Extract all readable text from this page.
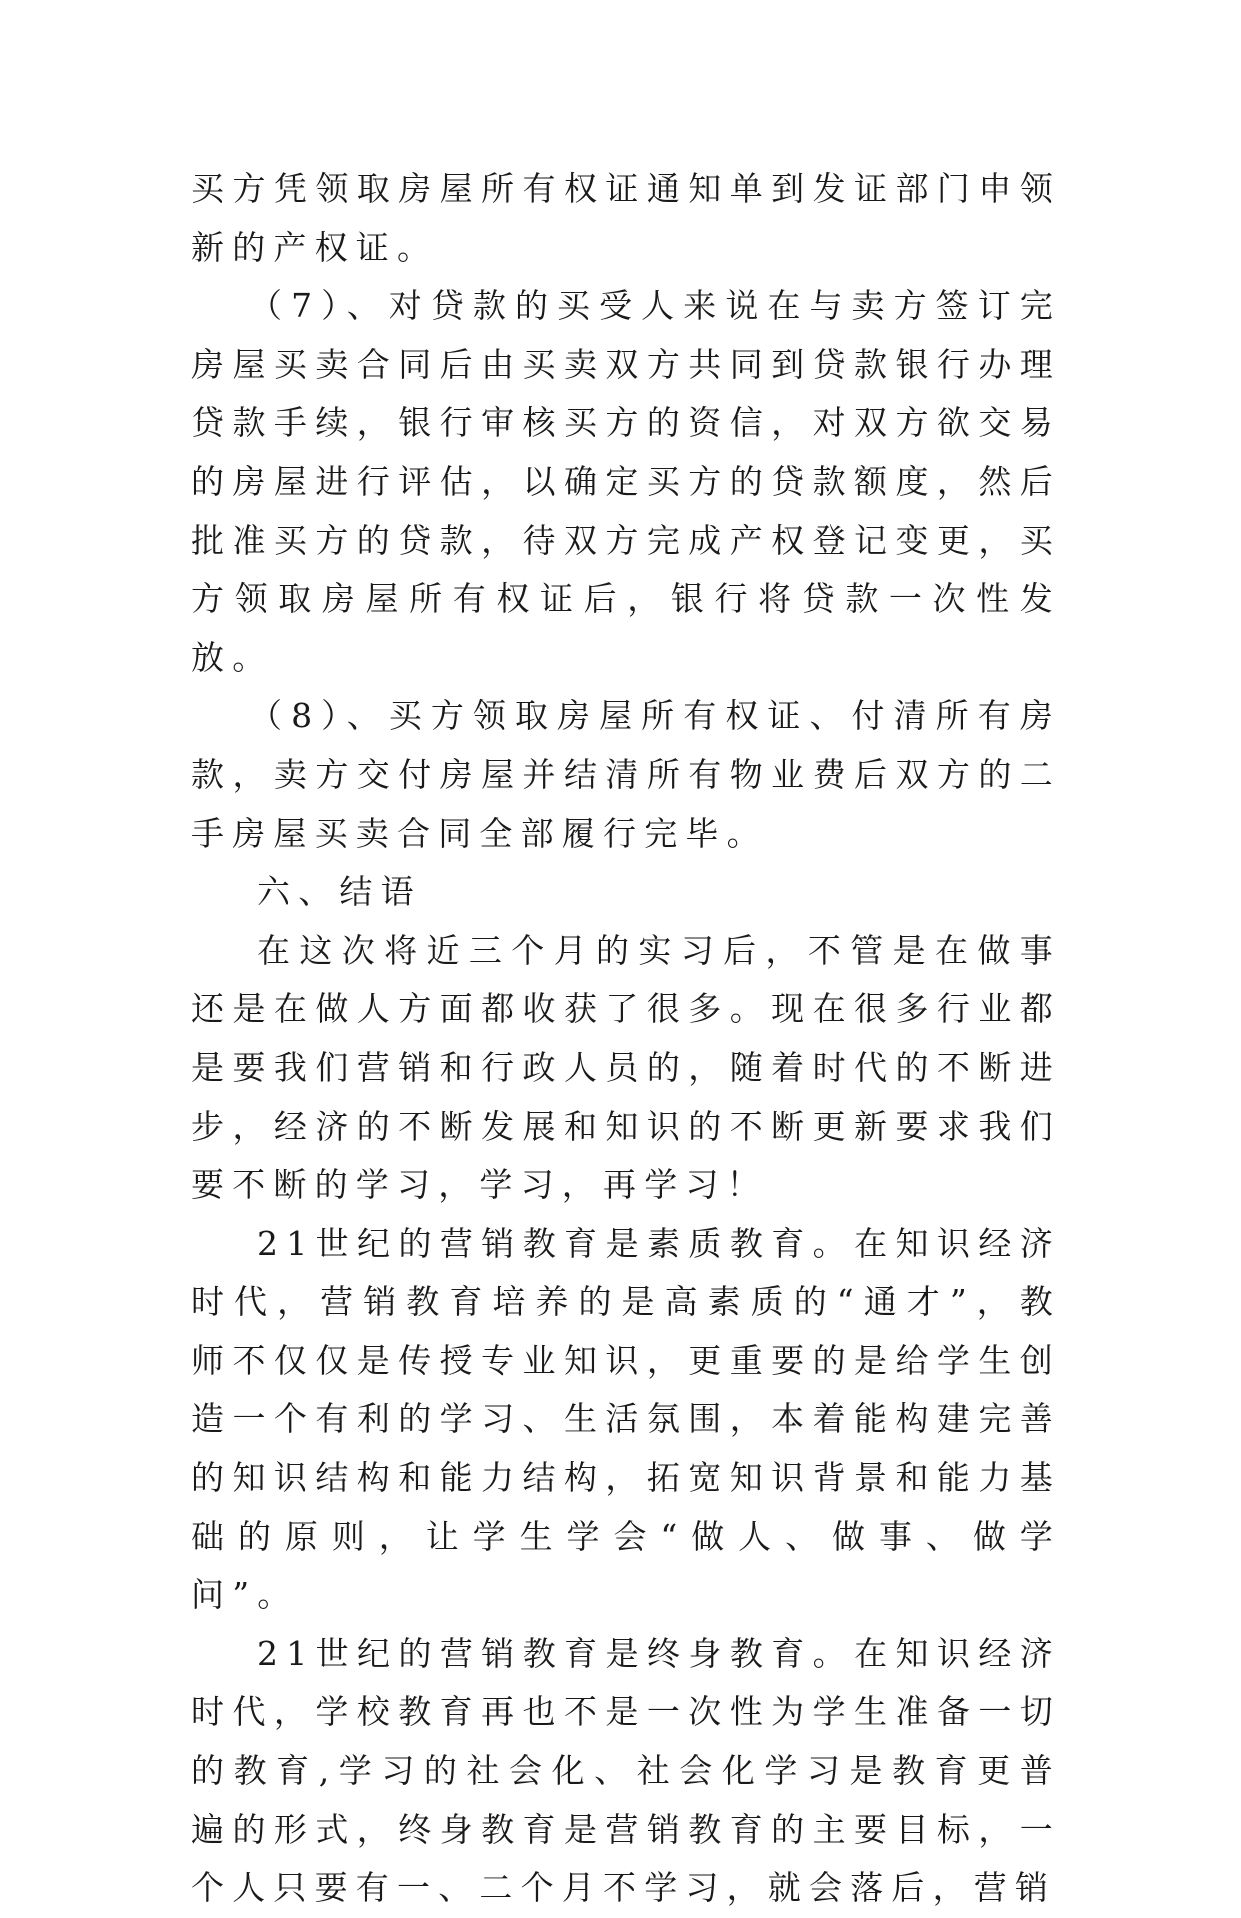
买方凭领取房屋所有权证通知单到发证部门申领新的产权证。

（7）、对贷款的买受人来说在与卖方签订完房屋买卖合同后由买卖双方共同到贷款银行办理贷款手续，银行审核买方的资信，对双方欲交易的房屋进行评估，以确定买方的贷款额度，然后批准买方的贷款，待双方完成产权登记变更，买方领取房屋所有权证后，银行将贷款一次性发放。

（8）、买方领取房屋所有权证、付清所有房款，卖方交付房屋并结清所有物业费后双方的二手房屋买卖合同全部履行完毕。

六、结语

在这次将近三个月的实习后，不管是在做事还是在做人方面都收获了很多。现在很多行业都是要我们营销和行政人员的，随着时代的不断进步，经济的不断发展和知识的不断更新要求我们要不断的学习，学习，再学习！

21世纪的营销教育是素质教育。在知识经济时代，营销教育培养的是高素质的“通才”，教师不仅仅是传授专业知识，更重要的是给学生创造一个有利的学习、生活氛围，本着能构建完善的知识结构和能力结构，拓宽知识背景和能力基础的原则，让学生学会“做人、做事、做学问”。

21世纪的营销教育是终身教育。在知识经济时代，学校教育再也不是一次性为学生准备一切的教育,学习的社会化、社会化学习是教育更普遍的形式，终身教育是营销教育的主要目标，一个人只要有一、二个月不学习，就会落后，营销
